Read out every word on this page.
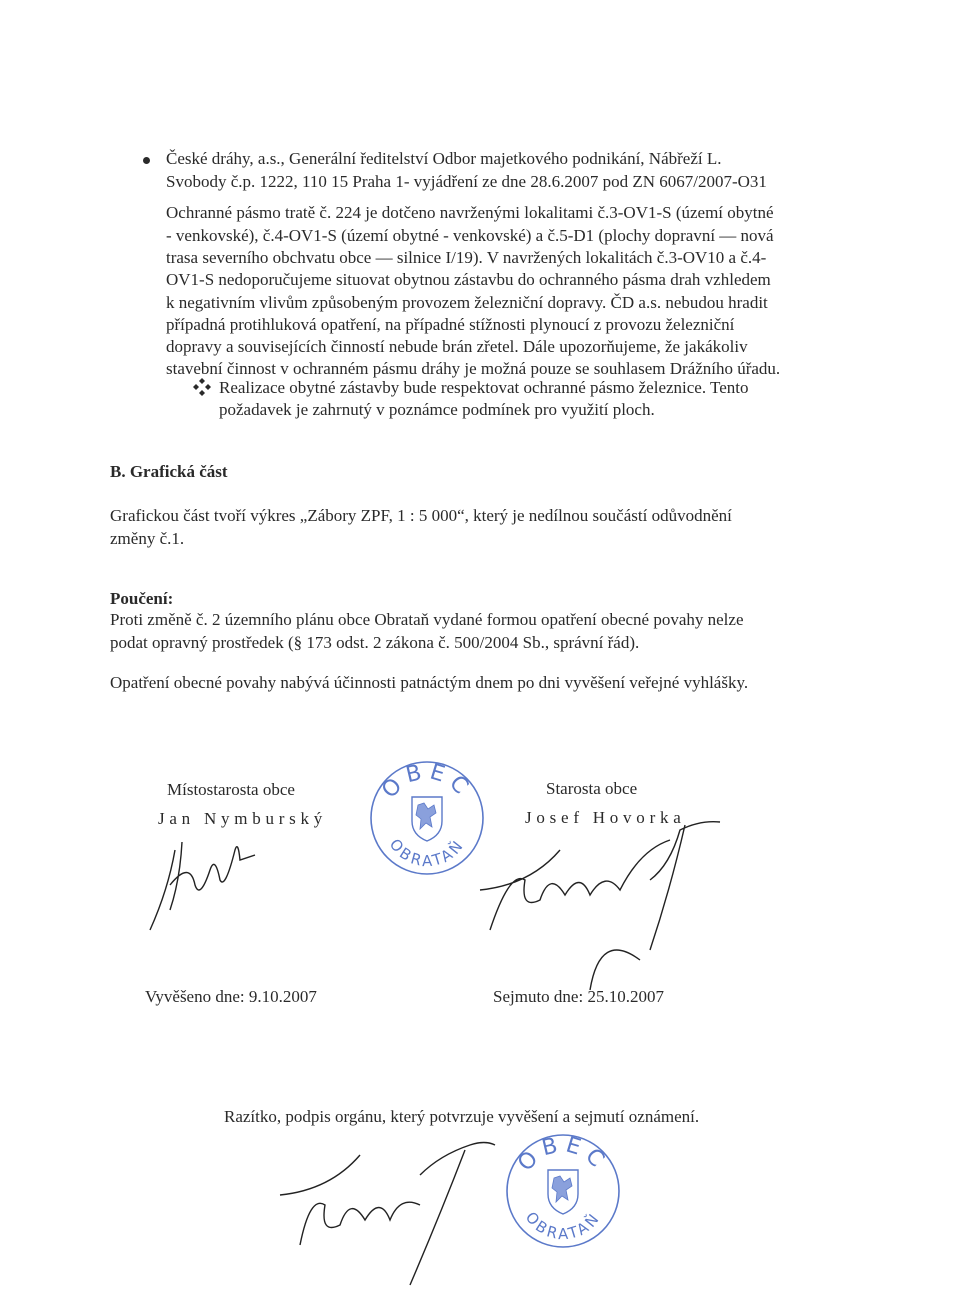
České dráhy, a.s., Generální ředitelství Odbor majetkového podnikání, Nábřeží L.
Svobody č.p. 1222, 110 15 Praha 1- vyjádření ze dne 28.6.2007 pod ZN 6067/2007-O31
Ochranné pásmo tratě č. 224 je dotčeno navrženými lokalitami č.3-OV1-S (území obytné
- venkovské), č.4-OV1-S (území obytné - venkovské) a č.5-D1 (plochy dopravní — nová
trasa severního obchvatu obce — silnice I/19). V navržených lokalitách č.3-OV10 a č.4-
OV1-S nedoporučujeme situovat obytnou zástavbu do ochranného pásma drah vzhledem
k negativním vlivům způsobeným provozem železniční dopravy. ČD a.s. nebudou hradit
případná protihluková opatření, na případné stížnosti plynoucí z provozu železniční
dopravy a souvisejících činností nebude brán zřetel. Dále upozorňujeme, že jakákoliv
stavební činnost v ochranném pásmu dráhy je možná pouze se souhlasem Drážního úřadu.
Realizace obytné zástavby bude respektovat ochranné pásmo železnice. Tento
požadavek je zahrnutý v poznámce podmínek pro využití ploch.
B. Grafická část
Grafickou část tvoří výkres „Zábory ZPF, 1 : 5 000“, který je nedílnou součástí odůvodnění
změny č.1.
Poučení:
Proti změně č. 2 územního plánu obce Obrataň vydané formou opatření obecné povahy nelze
podat opravný prostředek (§ 173 odst. 2 zákona č. 500/2004 Sb., správní řád).
Opatření obecné povahy nabývá účinnosti patnáctým dnem po dni vyvěšení veřejné vyhlášky.
Místostarosta obce
Jan Nymburský
Starosta obce
Josef Hovorka
OBEC
OBRATAŇ
Vyvěšeno dne: 9.10.2007	Sejmuto dne: 25.10.2007
Razítko, podpis orgánu, který potvrzuje vyvěšení a sejmutí oznámení.
OBEC
OBRATAŇ
